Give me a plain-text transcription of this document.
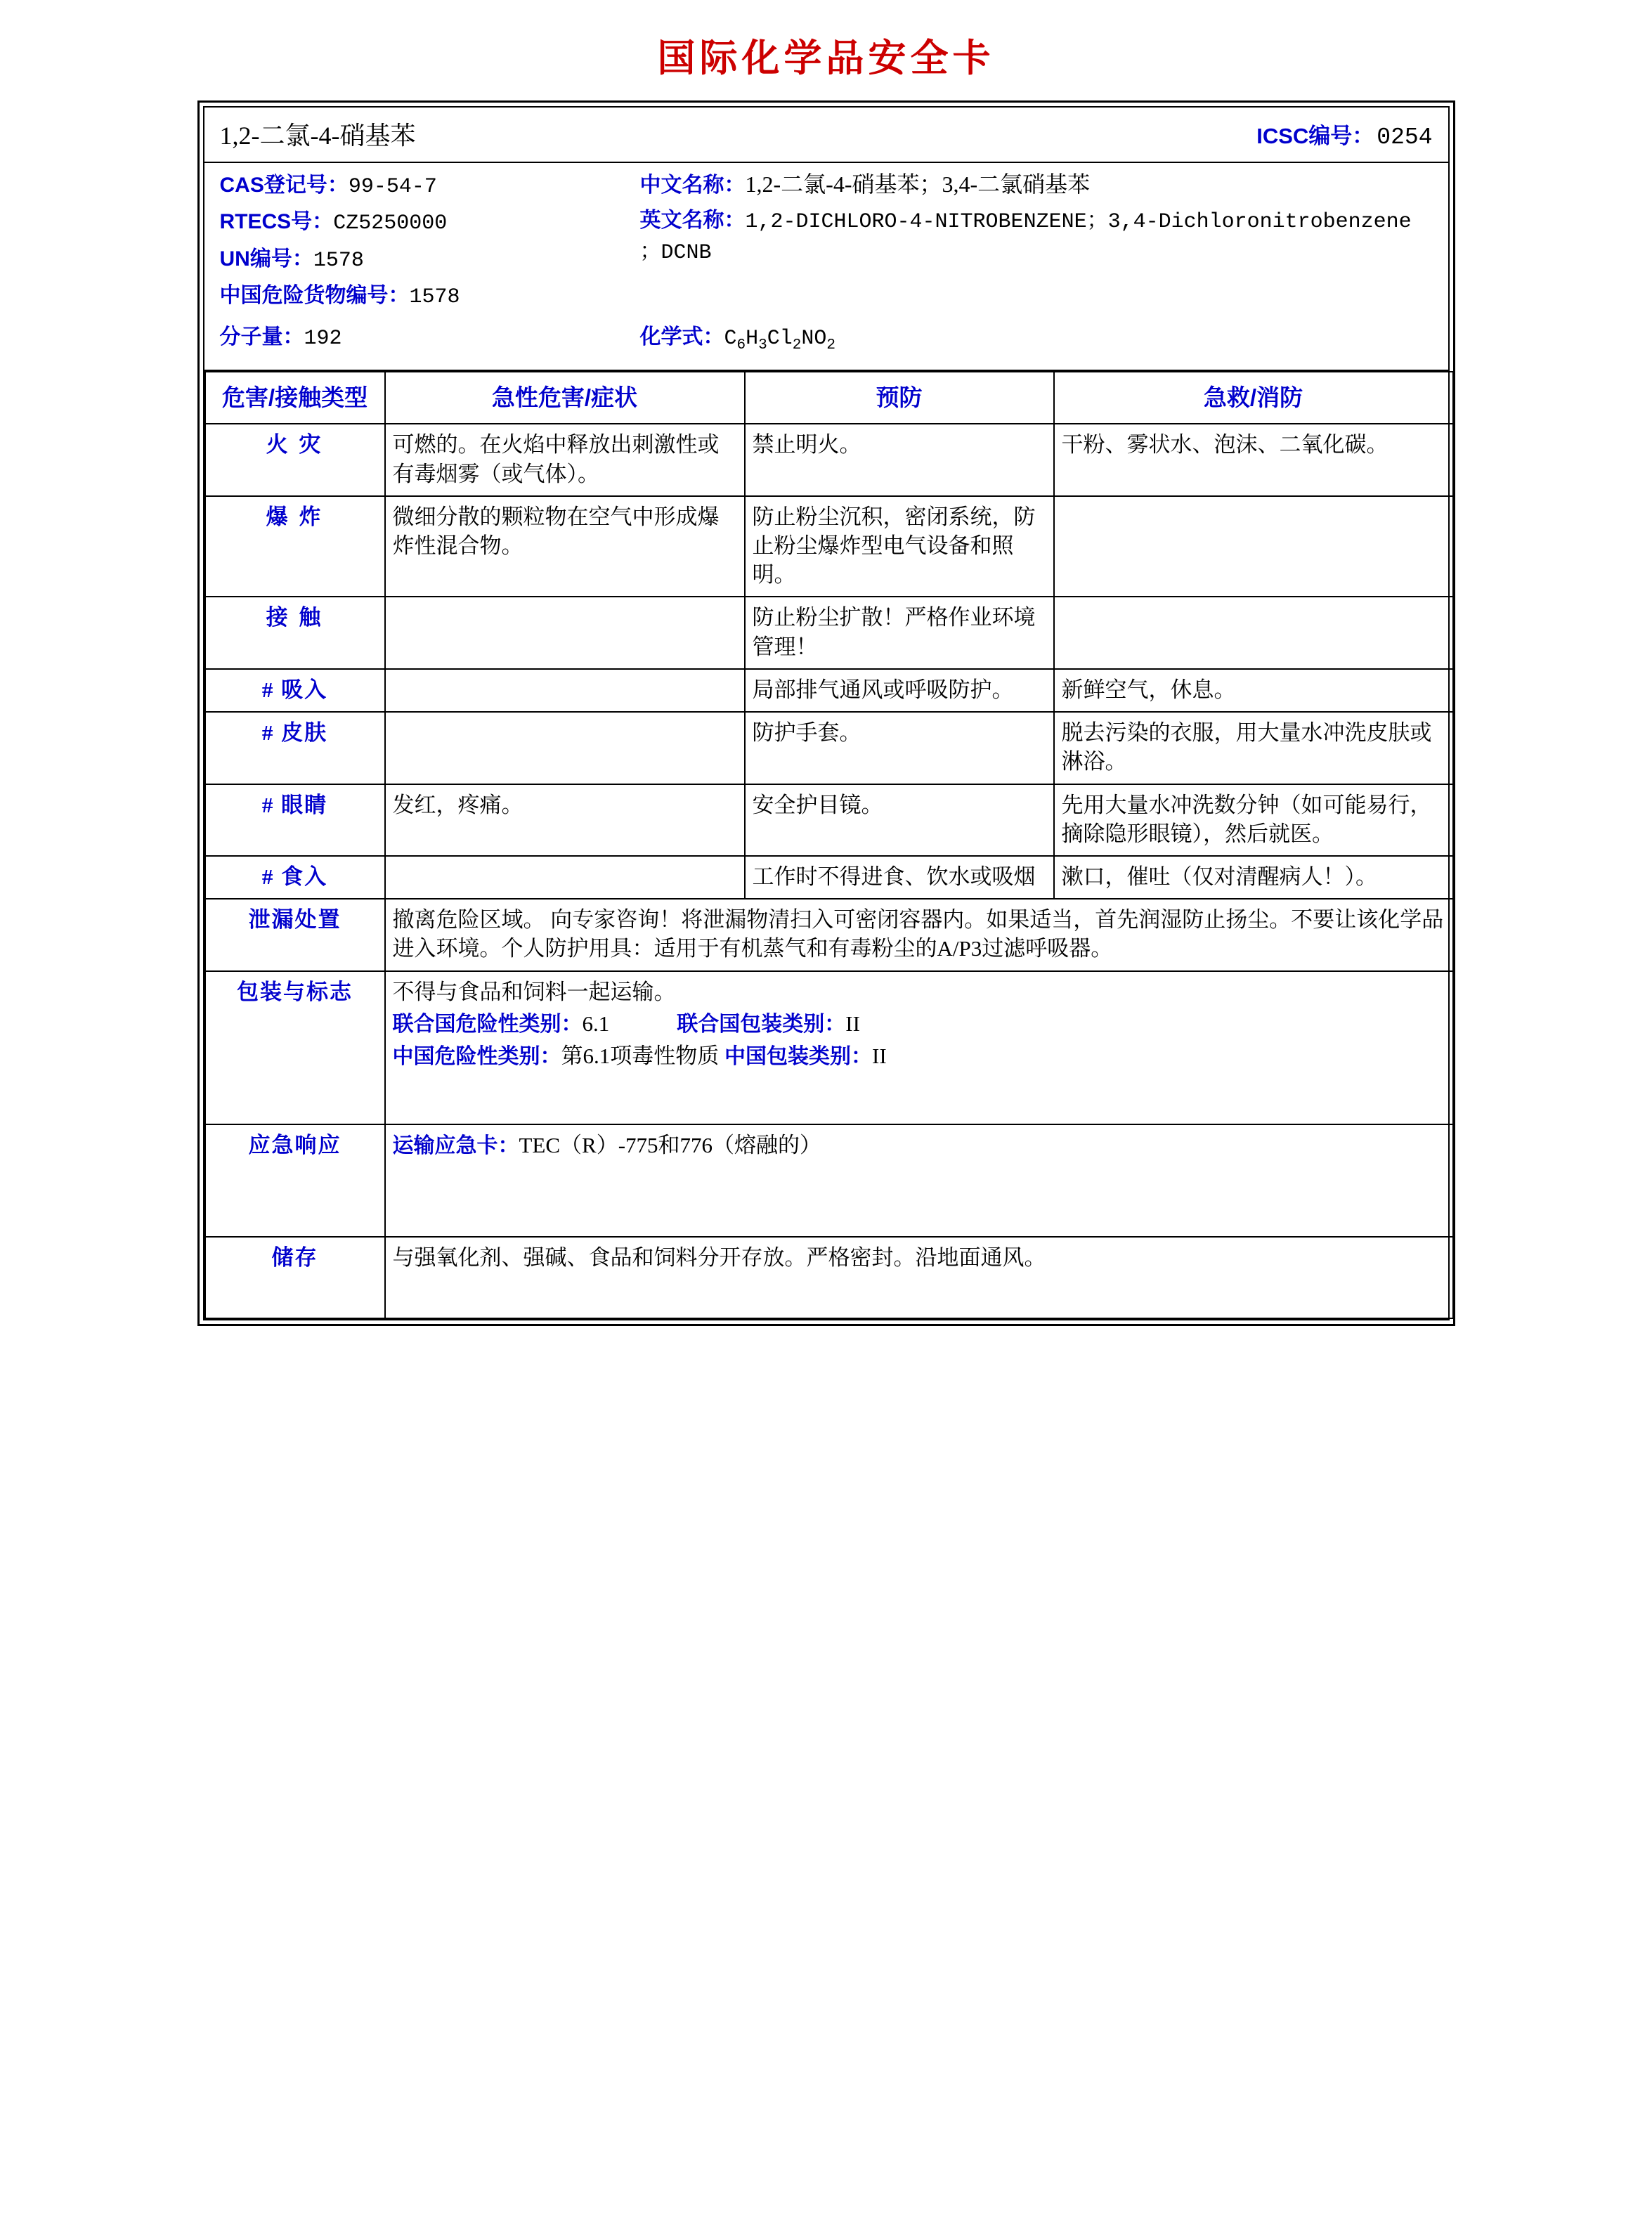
国际化学品安全卡
1,2-二氯-4-硝基苯	ICSC编号： 0254
CAS登记号：99-54-7
RTECS号：CZ5250000
UN编号：1578
中国危险货物编号：1578
中文名称：1,2-二氯-4-硝基苯；3,4-二氯硝基苯
英文名称：1,2-DICHLORO-4-NITROBENZENE；3,4-Dichloronitrobenzene ；DCNB
分子量：192	化学式：$C_6H_3Cl_2NO_2$
危害/接触类型	急性危害/症状	预防	急救/消防
火 灾	可燃的。在火焰中释放出刺激性或有毒烟雾（或气体）。	禁止明火。	干粉、雾状水、泡沫、二氧化碳。
爆 炸	微细分散的颗粒物在空气中形成爆炸性混合物。	防止粉尘沉积，密闭系统，防止粉尘爆炸型电气设备和照明。	
接 触		防止粉尘扩散！严格作业环境管理！	
# 吸入		局部排气通风或呼吸防护。	新鲜空气，休息。
# 皮肤		防护手套。	脱去污染的衣服，用大量水冲洗皮肤或淋浴。
# 眼睛	发红，疼痛。	安全护目镜。	先用大量水冲洗数分钟（如可能易行，摘除隐形眼镜），然后就医。
# 食入		工作时不得进食、饮水或吸烟	漱口，催吐（仅对清醒病人！）。
泄漏处置	撤离危险区域。 向专家咨询！将泄漏物清扫入可密闭容器内。如果适当，首先润湿防止扬尘。不要让该化学品进入环境。个人防护用具：适用于有机蒸气和有毒粉尘的A/P3过滤呼吸器。		
包装与标志	不得与食品和饲料一起运输。
联合国危险性类别：6.1 联合国包装类别：II
中国危险性类别：第6.1项毒性物质 中国包装类别：II		

应急响应	运输应急卡：TEC（R）-775和776（熔融的）		
储存	与强氧化剂、强碱、食品和饲料分开存放。严格密封。沿地面通风。		
